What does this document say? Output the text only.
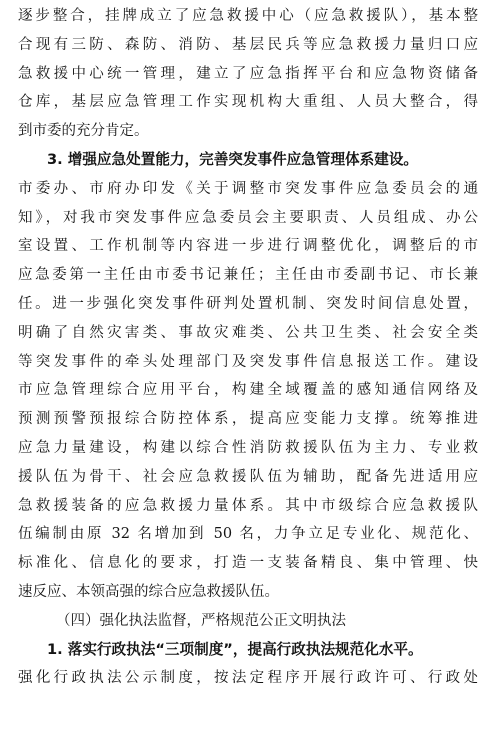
逐步整合，挂牌成立了应急救援中心（应急救援队），基本整
合现有三防、森防、消防、基层民兵等应急救援力量归口应
急救援中心统一管理，建立了应急指挥平台和应急物资储备
仓库，基层应急管理工作实现机构大重组、人员大整合，得
到市委的充分肯定。
3. 增强应急处置能力，完善突发事件应急管理体系建设。
市委办、市府办印发《关于调整市突发事件应急委员会的通
知》，对我市突发事件应急委员会主要职责、人员组成、办公
室设置、工作机制等内容进一步进行调整优化，调整后的市
应急委第一主任由市委书记兼任；主任由市委副书记、市长兼
任。进一步强化突发事件研判处置机制、突发时间信息处置，
明确了自然灾害类、事故灾难类、公共卫生类、社会安全类
等突发事件的牵头处理部门及突发事件信息报送工作。建设
市应急管理综合应用平台，构建全域覆盖的感知通信网络及
预测预警预报综合防控体系，提高应变能力支撑。统筹推进
应急力量建设，构建以综合性消防救援队伍为主力、专业救
援队伍为骨干、社会应急救援队伍为辅助，配备先进适用应
急救援装备的应急救援力量体系。其中市级综合应急救援队
伍编制由原 32 名增加到 50 名，力争立足专业化、规范化、
标准化、信息化的要求，打造一支装备精良、集中管理、快
速反应、本领高强的综合应急救援队伍。
（四）强化执法监督，严格规范公正文明执法
1. 落实行政执法“三项制度”，提高行政执法规范化水平。
强化行政执法公示制度，按法定程序开展行政许可、行政处
